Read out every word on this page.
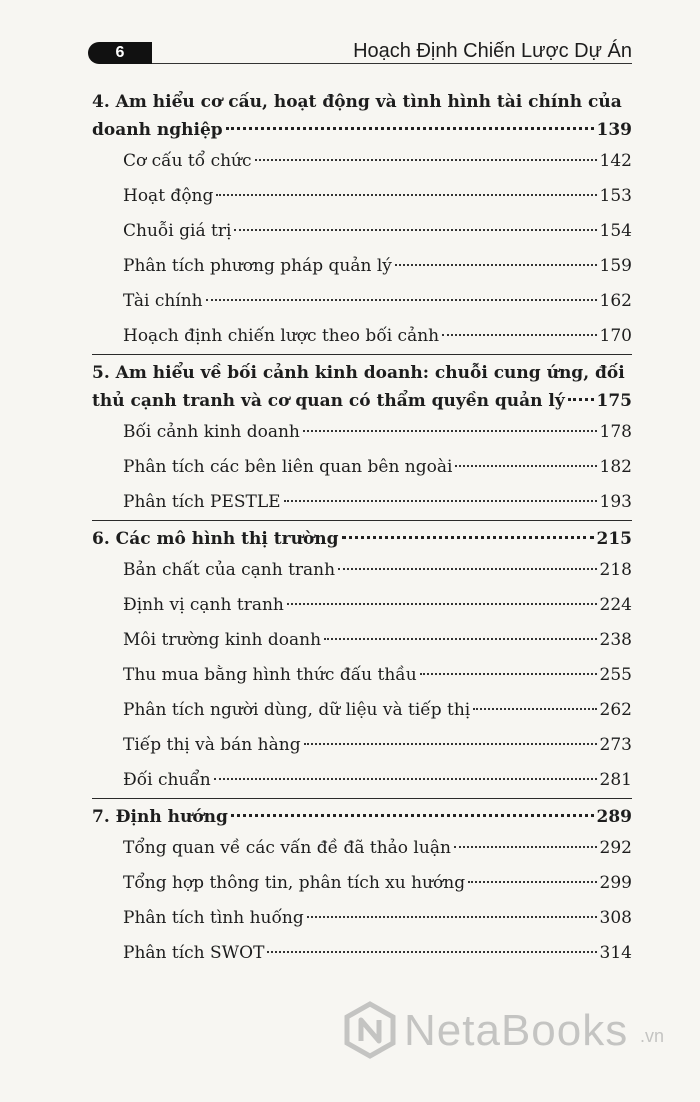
6	Hoạch Định Chiến Lược Dự Án
4. Am hiểu cơ cấu, hoạt động và tình hình tài chính của
doanh nghiệp	139
Cơ cấu tổ chức	142
Hoạt động	153
Chuỗi giá trị	154
Phân tích phương pháp quản lý	159
Tài chính	162
Hoạch định chiến lược theo bối cảnh	170
5. Am hiểu về bối cảnh kinh doanh: chuỗi cung ứng, đối
thủ cạnh tranh và cơ quan có thẩm quyền quản lý 175
Bối cảnh kinh doanh	178
Phân tích các bên liên quan bên ngoài	182
Phân tích PESTLE	193
6. Các mô hình thị trường	215
Bản chất của cạnh tranh	218
Định vị cạnh tranh	224
Môi trường kinh doanh	238
Thu mua bằng hình thức đấu thầu	255
Phân tích người dùng, dữ liệu và tiếp thị	262
Tiếp thị và bán hàng	273
Đối chuẩn	281
7. Định hướng	289
Tổng quan về các vấn đề đã thảo luận	292
Tổng hợp thông tin, phân tích xu hướng	299
Phân tích tình huống	308
Phân tích SWOT	314
NetaBooks .vn
